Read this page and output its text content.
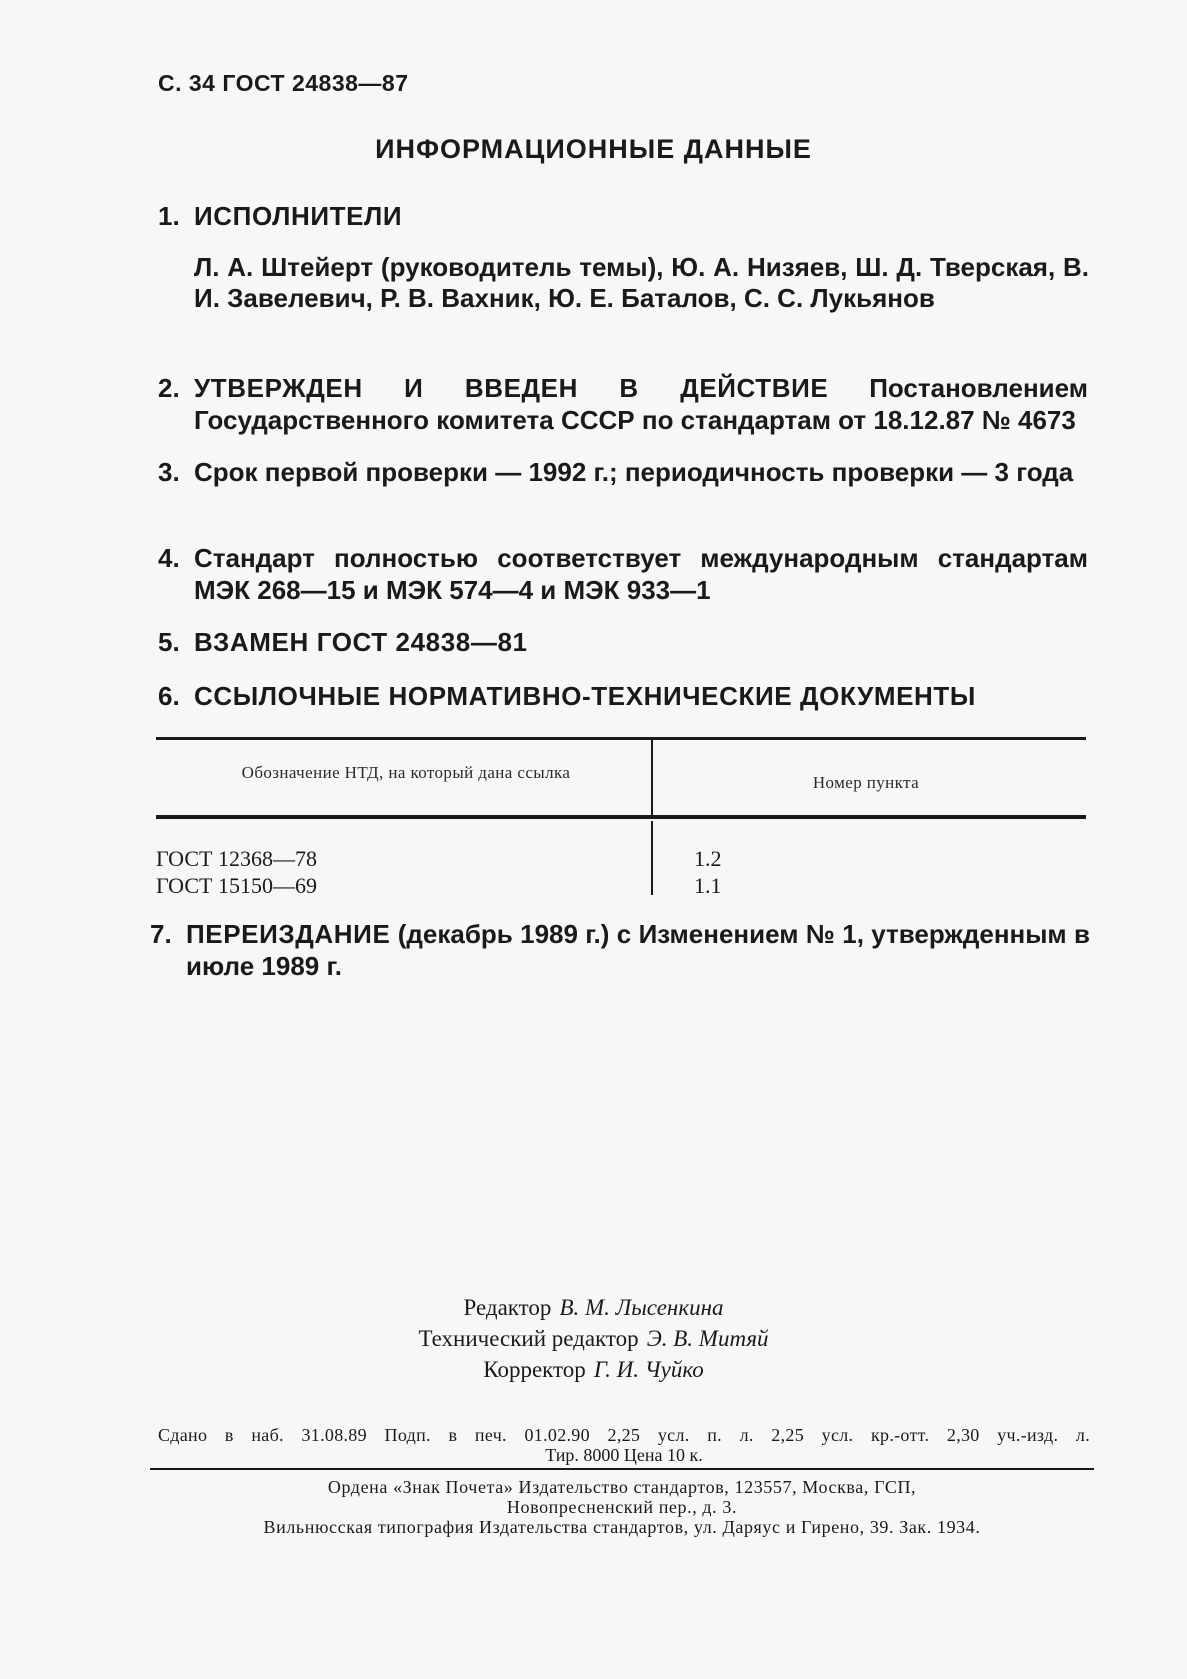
С. 34 ГОСТ 24838—87
ИНФОРМАЦИОННЫЕ ДАННЫЕ
1. ИСПОЛНИТЕЛИ
Л. А. Штейерт (руководитель темы), Ю. А. Низяев, Ш. Д. Тверская, В. И. Завелевич, Р. В. Вахник, Ю. Е. Баталов, С. С. Лукьянов
2. УТВЕРЖДЕН И ВВЕДЕН В ДЕЙСТВИЕ Постановлением Государственного комитета СССР по стандартам от 18.12.87 № 4673
3. Срок первой проверки — 1992 г.; периодичность проверки — 3 года
4. Стандарт полностью соответствует международным стандартам МЭК 268—15 и МЭК 574—4 и МЭК 933—1
5. ВЗАМЕН ГОСТ 24838—81
6. ССЫЛОЧНЫЕ НОРМАТИВНО-ТЕХНИЧЕСКИЕ ДОКУМЕНТЫ
Обозначение НТД, на который дана ссылка
Номер пункта
ГОСТ 12368—78
ГОСТ 15150—69
1.2
1.1
7. ПЕРЕИЗДАНИЕ (декабрь 1989 г.) с Изменением № 1, утвержденным в июле 1989 г.
Редактор В. М. Лысенкина
Технический редактор Э. В. Митяй
Корректор Г. И. Чуйко
Сдано в наб. 31.08.89 Подп. в печ. 01.02.90 2,25 усл. п. л. 2,25 усл. кр.-отт. 2,30 уч.-изд. л.
Тир. 8000 Цена 10 к.
Ордена «Знак Почета» Издательство стандартов, 123557, Москва, ГСП,
Новопресненский пер., д. 3.
Вильнюсская типография Издательства стандартов, ул. Даряус и Гирено, 39. Зак. 1934.
